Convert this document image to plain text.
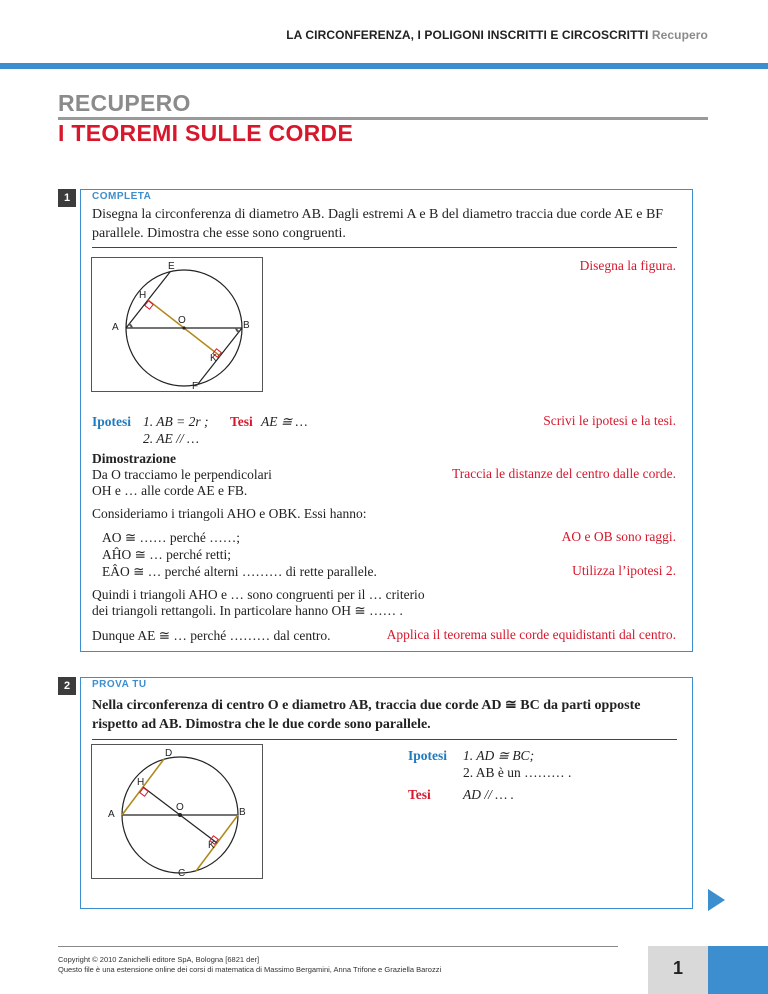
LA CIRCONFERENZA, I POLIGONI INSCRITTI E CIRCOSCRITTI Recupero
RECUPERO
I TEOREMI SULLE CORDE
1	COMPLETA
Disegna la circonferenza di diametro AB. Dagli estremi A e B del diametro traccia due corde AE e BF parallele. Dimostra che esse sono congruenti.
E
H
O
A	B
K
F
Disegna la figura.
Ipotesi 1. AB = 2r ;
2. AE // …
Tesi AE ≅ …	Scrivi le ipotesi e la tesi.
Dimostrazione
Da O tracciamo le perpendicolari
OH e … alle corde AE e FB.
Traccia le distanze del centro dalle corde.
Consideriamo i triangoli AHO e OBK. Essi hanno:
AO ≅ …… perché ……;
AĤO ≅ … perché retti;
EÂO ≅ … perché alterni ……… di rette parallele.
AO e OB sono raggi.
Utilizza l’ipotesi 2.
Quindi i triangoli AHO e … sono congruenti per il … criterio
dei triangoli rettangoli. In particolare hanno OH ≅ …… .
Dunque AE ≅ … perché ……… dal centro.	Applica il teorema sulle corde equidistanti dal centro.
2	PROVA TU
Nella circonferenza di centro O e diametro AB, traccia due corde AD ≅ BC da parti opposte rispetto ad AB. Dimostra che le due corde sono parallele.
D
H
O
A	B
K
C
Ipotesi 1. AD ≅ BC;
2. AB è un ……… .
Tesi AD // … .
Copyright © 2010 Zanichelli editore SpA, Bologna [6821 der]
Questo file è una estensione online dei corsi di matematica di Massimo Bergamini, Anna Trifone e Graziella Barozzi	1
